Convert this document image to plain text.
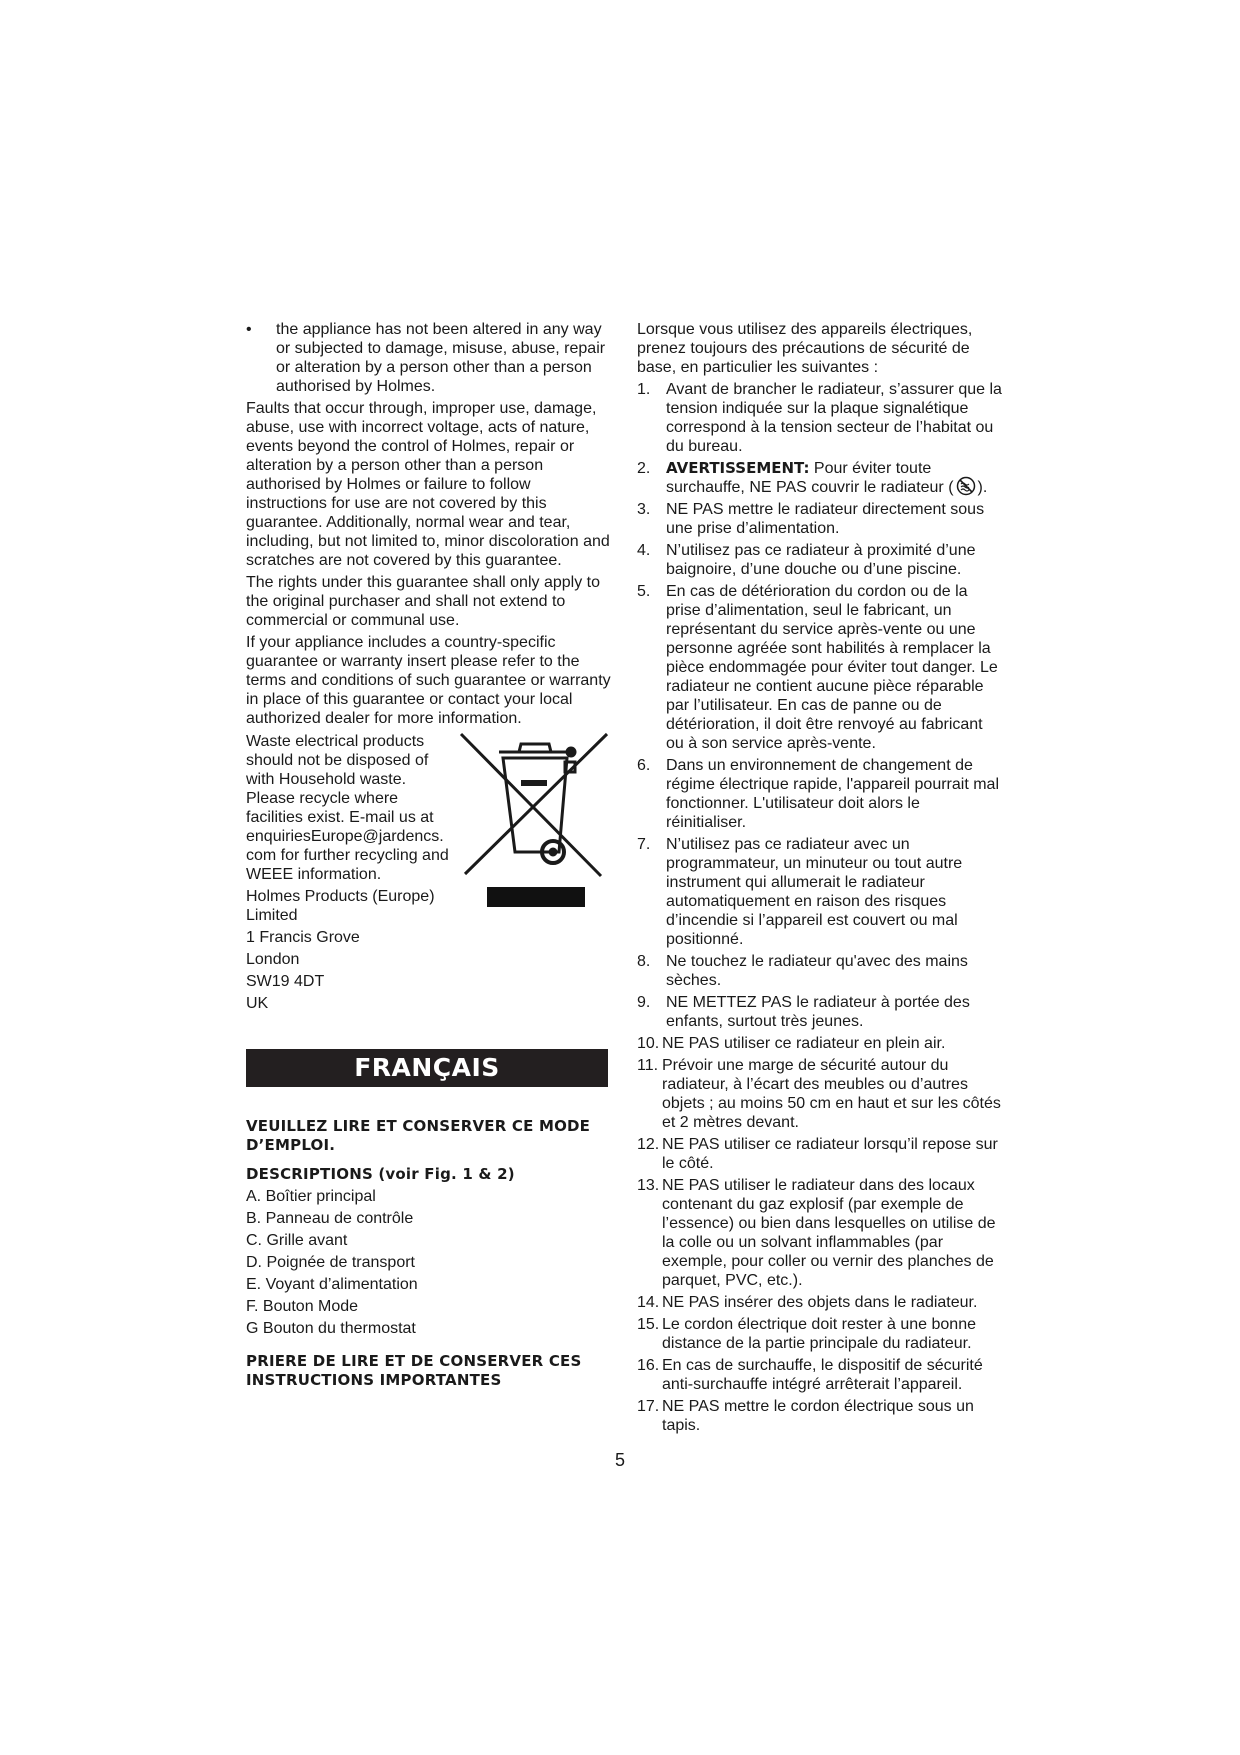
•	the appliance has not been altered in any way or subjected to damage, misuse, abuse, repair or alteration by a person other than a person authorised by Holmes.

Faults that occur through, improper use, damage, abuse, use with incorrect voltage, acts of nature, events beyond the control of Holmes, repair or alteration by a person other than a person authorised by Holmes or failure to follow instructions for use are not covered by this guarantee. Additionally, normal wear and tear, including, but not limited to, minor discoloration and scratches are not covered by this guarantee.

The rights under this guarantee shall only apply to the original purchaser and shall not extend to commercial or communal use.

If your appliance includes a country-specific guarantee or warranty insert please refer to the terms and conditions of such guarantee or warranty in place of this guarantee or contact your local authorized dealer for more information.

Waste electrical products should not be disposed of with Household waste. Please recycle where facilities exist. E-mail us at enquiriesEurope@jardencs. com for further recycling and WEEE information.

Holmes Products (Europe) Limited

1 Francis Grove

London

SW19 4DT

UK

FRANÇAIS

VEUILLEZ LIRE ET CONSERVER CE MODE D’EMPLOI.

DESCRIPTIONS (voir Fig. 1 & 2)

A. Boîtier principal

B. Panneau de contrôle

C. Grille avant

D. Poignée de transport

E. Voyant d’alimentation

F. Bouton Mode

G Bouton du thermostat

PRIERE DE LIRE ET DE CONSERVER CES INSTRUCTIONS IMPORTANTES

Lorsque vous utilisez des appareils électriques, prenez toujours des précautions de sécurité de base, en particulier les suivantes :

1. Avant de brancher le radiateur, s’assurer que la tension indiquée sur la plaque signalétique correspond à la tension secteur de l’habitat ou du bureau.
2.	AVERTISSEMENT: Pour éviter toute surchauffe, NE PAS couvrir le radiateur ( ).
3. NE PAS mettre le radiateur directement sous une prise d’alimentation.
4. N’utilisez pas ce radiateur à proximité d’une baignoire, d’une douche ou d’une piscine.
5. En cas de détérioration du cordon ou de la prise d’alimentation, seul le fabricant, un représentant du service après-vente ou une personne agréée sont habilités à remplacer la pièce endommagée pour éviter tout danger. Le radiateur ne contient aucune pièce réparable par l’utilisateur. En cas de panne ou de détérioration, il doit être renvoyé au fabricant ou à son service après-vente.
6. Dans un environnement de changement de régime électrique rapide, l'appareil pourrait mal fonctionner. L'utilisateur doit alors le réinitialiser.
7. N’utilisez pas ce radiateur avec un programmateur, un minuteur ou tout autre instrument qui allumerait le radiateur automatiquement en raison des risques d’incendie si l’appareil est couvert ou mal positionné.
8. Ne touchez le radiateur qu'avec des mains sèches.
9. NE METTEZ PAS le radiateur à portée des enfants, surtout très jeunes.
10. NE PAS utiliser ce radiateur en plein air.
11. Prévoir une marge de sécurité autour du radiateur, à l’écart des meubles ou d’autres objets ; au moins 50 cm en haut et sur les côtés et 2 mètres devant.
12. NE PAS utiliser ce radiateur lorsqu’il repose sur le côté.
13. NE PAS utiliser le radiateur dans des locaux contenant du gaz explosif (par exemple de l’essence) ou bien dans lesquelles on utilise de la colle ou un solvant inflammables (par exemple, pour coller ou vernir des planches de parquet, PVC, etc.).
14. NE PAS insérer des objets dans le radiateur.
15. Le cordon électrique doit rester à une bonne distance de la partie principale du radiateur.
16. En cas de surchauffe, le dispositif de sécurité anti-surchauffe intégré arrêterait l’appareil.
17. NE PAS mettre le cordon électrique sous un tapis.
5
